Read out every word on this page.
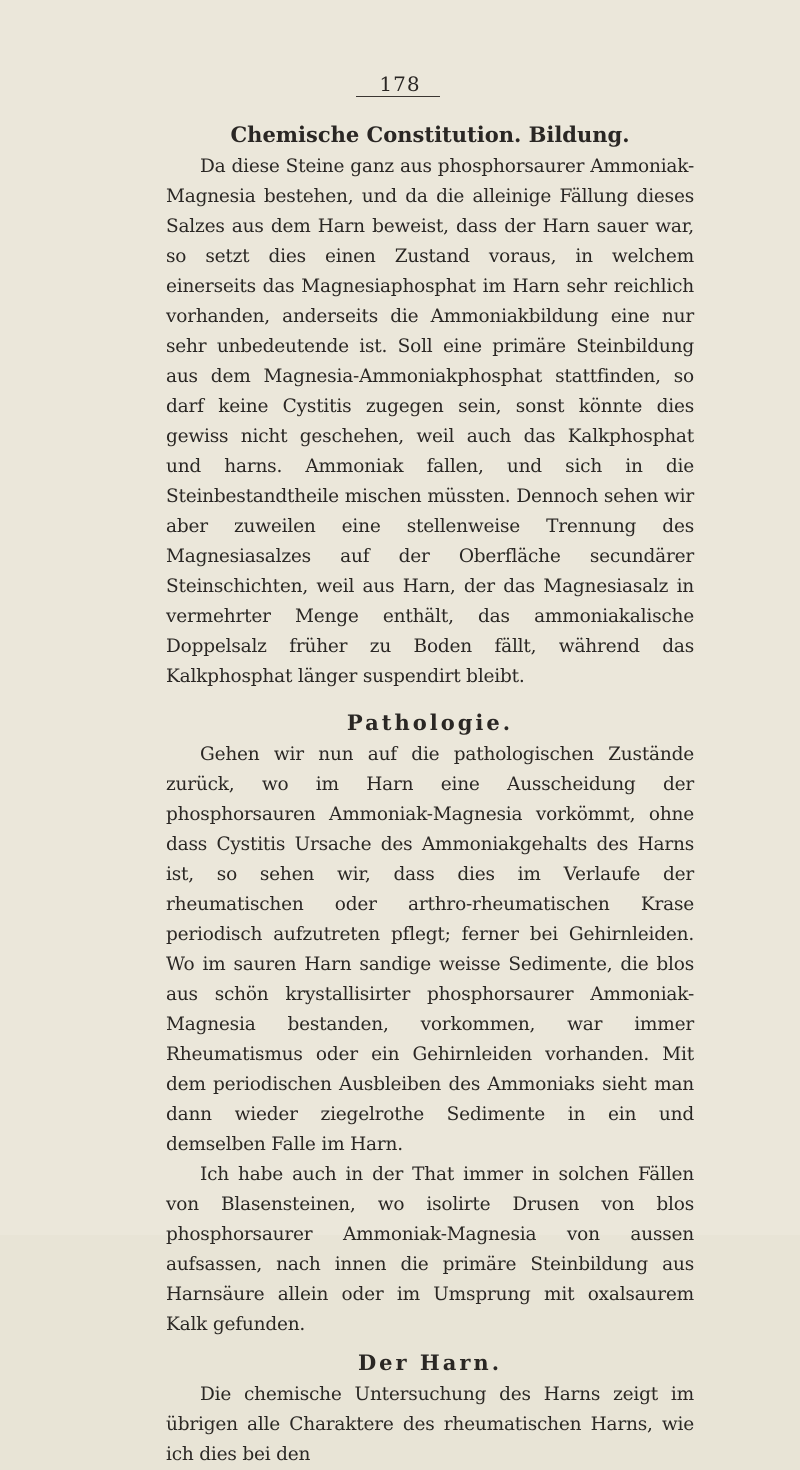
178
Chemische Constitution. Bildung.

Da diese Steine ganz aus phosphorsaurer Ammoniak-Magnesia bestehen, und da die alleinige Fällung dieses Salzes aus dem Harn beweist, dass der Harn sauer war, so setzt dies einen Zustand voraus, in welchem einerseits das Magnesiaphosphat im Harn sehr reichlich vorhanden, anderseits die Ammoniakbildung eine nur sehr unbedeutende ist. Soll eine primäre Steinbildung aus dem Magnesia-Ammoniakphosphat stattfinden, so darf keine Cystitis zugegen sein, sonst könnte dies gewiss nicht geschehen, weil auch das Kalkphosphat und harns. Ammoniak fallen, und sich in die Steinbestandtheile mischen müssten. Dennoch sehen wir aber zuweilen eine stellenweise Trennung des Magnesiasalzes auf der Oberfläche secundärer Steinschichten, weil aus Harn, der das Magnesiasalz in vermehrter Menge enthält, das ammoniakalische Doppelsalz früher zu Boden fällt, während das Kalkphosphat länger suspendirt bleibt.

Pathologie.

Gehen wir nun auf die pathologischen Zustände zurück, wo im Harn eine Ausscheidung der phosphorsauren Ammoniak-Magnesia vorkömmt, ohne dass Cystitis Ursache des Ammoniakgehalts des Harns ist, so sehen wir, dass dies im Verlaufe der rheumatischen oder arthro-rheumatischen Krase periodisch aufzutreten pflegt; ferner bei Gehirnleiden. Wo im sauren Harn sandige weisse Sedimente, die blos aus schön krystallisirter phosphorsaurer Ammoniak-Magnesia bestanden, vorkommen, war immer Rheumatismus oder ein Gehirnleiden vorhanden. Mit dem periodischen Ausbleiben des Ammoniaks sieht man dann wieder ziegelrothe Sedimente in ein und demselben Falle im Harn.

Ich habe auch in der That immer in solchen Fällen von Blasensteinen, wo isolirte Drusen von blos phosphorsaurer Ammoniak-Magnesia von aussen aufsassen, nach innen die primäre Steinbildung aus Harnsäure allein oder im Umsprung mit oxalsaurem Kalk gefunden.

Der Harn.

Die chemische Untersuchung des Harns zeigt im übrigen alle Charaktere des rheumatischen Harns, wie ich dies bei den
